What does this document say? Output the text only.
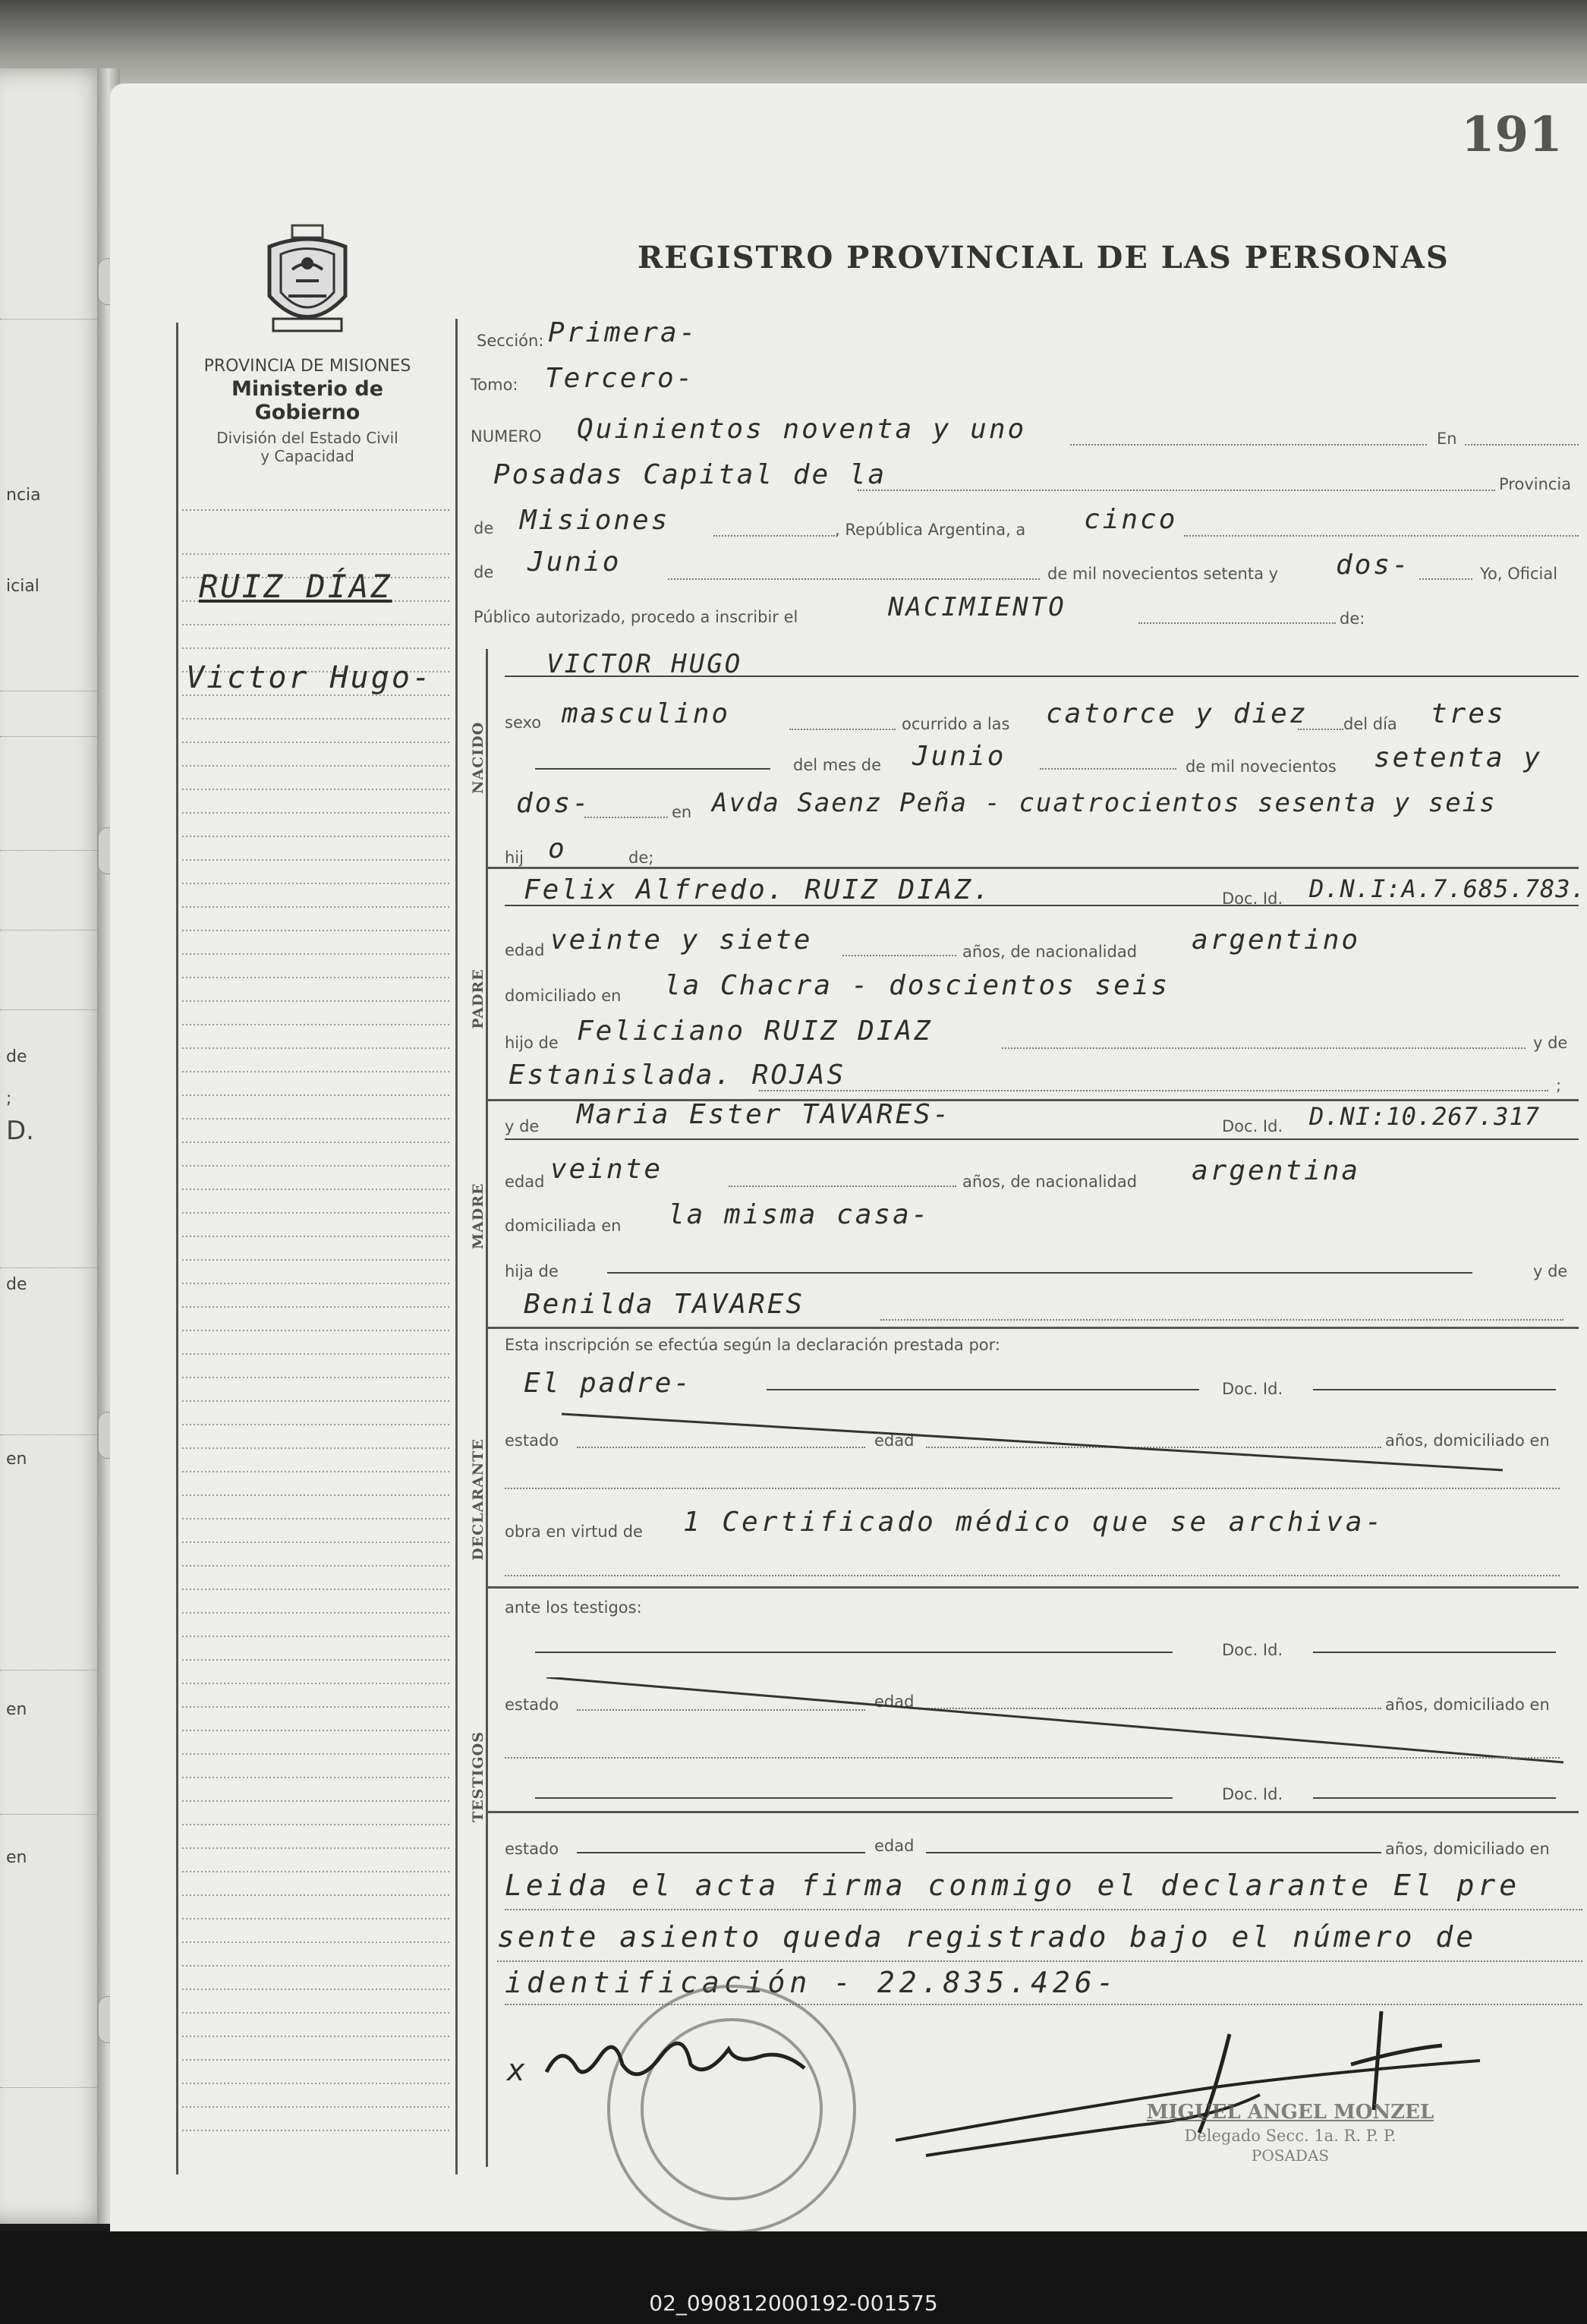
ncia
icial
de
;
D.
de
en
en
en
191
PROVINCIA DE MISIONES
Ministerio de Gobierno
División del Estado Civil
y Capacidad
REGISTRO PROVINCIAL DE LAS PERSONAS
RUIZ DÍAZ
Victor Hugo-
Sección: Primera-
Tomo: Tercero-
NUMERO Quinientos noventa y uno	En
Posadas Capital de la	Provincia
de Misiones	, República Argentina, a cinco
de Junio	de mil novecientos setenta y dos-	Yo, Oficial
Público autorizado, procedo a inscribir el	NACIMIENTO	de:
NACIDO
VICTOR HUGO
sexo masculino	ocurrido a las catorce y diez del día tres
del mes de Junio	de mil novecientos setenta y
dos-	en Avda Saenz Peña - cuatrocientos sesenta y seis
hij o	de;
PADRE
Felix Alfredo. RUIZ DIAZ.	Doc. Id. D.N.I:A.7.685.783.
edad veinte y siete	años, de nacionalidad argentino
domiciliado en la Chacra - doscientos seis
hijo de Feliciano RUIZ DIAZ	y de
Estanislada. ROJAS	;
MADRE
y de Maria Ester TAVARES-	Doc. Id. D.NI:10.267.317
edad veinte	años, de nacionalidad argentina
domiciliada en la misma casa-
hija de	y de
Benilda TAVARES
Esta inscripción se efectúa según la declaración prestada por:
DECLARANTE
El padre-	Doc. Id.
estado	edad	años, domiciliado en
obra en virtud de 1 Certificado médico que se archiva-
ante los testigos:
TESTIGOS
Doc. Id.
estado	edad	años, domiciliado en
Doc. Id.
estado	edad	años, domiciliado en
Leida el acta firma conmigo el declarante El pre
sente asiento queda registrado bajo el número de
identificación - 22.835.426-
x
MIGUEL ANGEL MONZEL
Delegado Secc. 1a. R. P. P.
POSADAS
02_090812000192-001575
